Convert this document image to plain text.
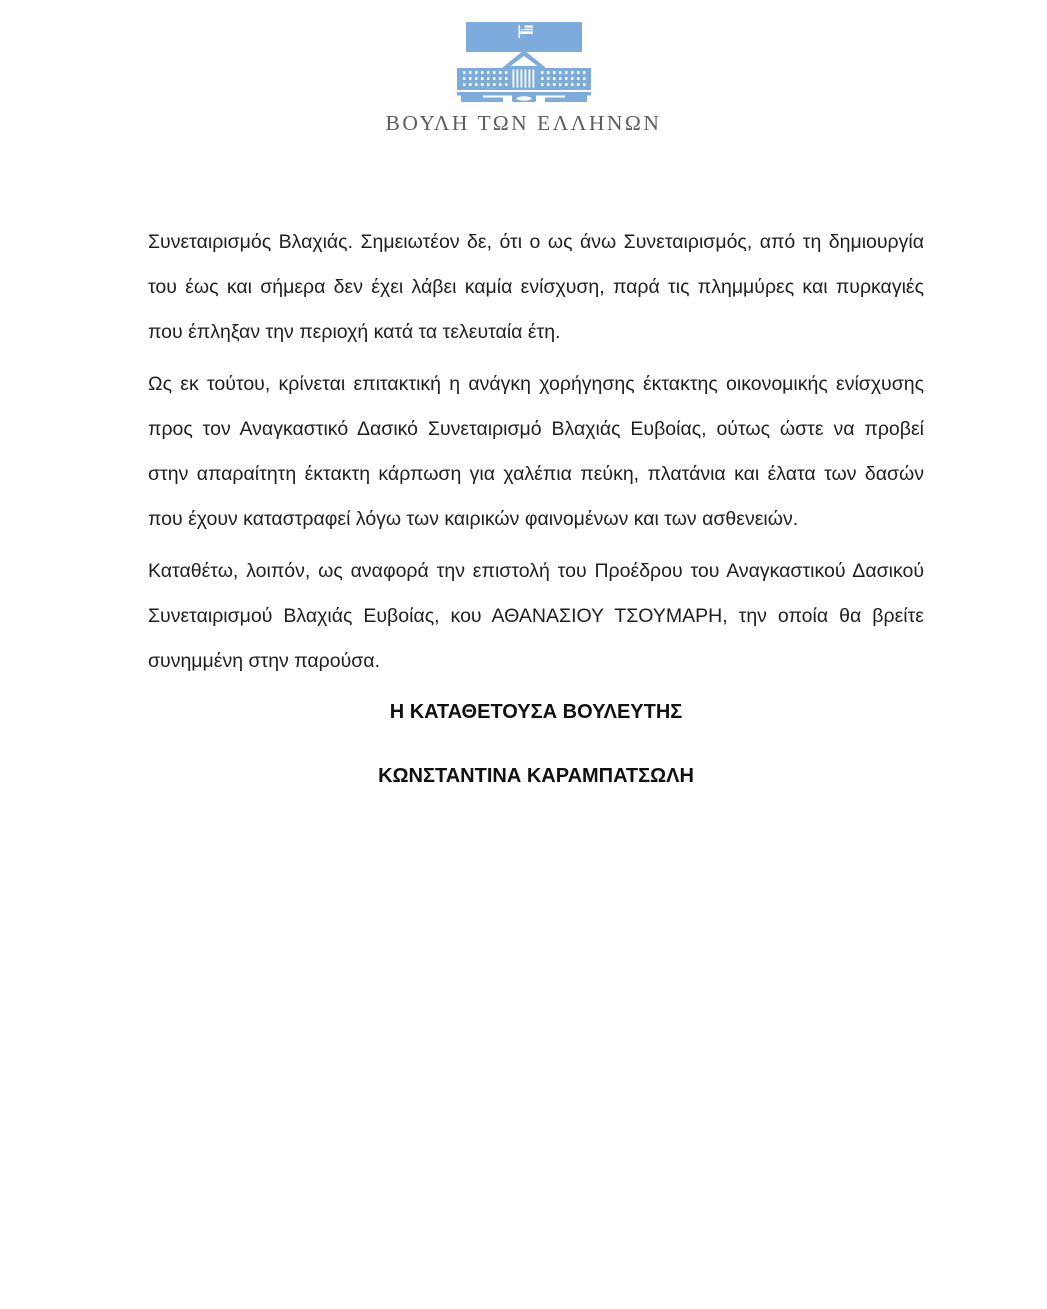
ΒΟΥΛΗ ΤΩΝ ΕΛΛΗΝΩΝ

Συνεταιρισμός Βλαχιάς. Σημειωτέον δε, ότι ο ως άνω Συνεταιρισμός, από τη δημιουργία του έως και σήμερα δεν έχει λάβει καμία ενίσχυση, παρά τις πλημμύρες και πυρκαγιές που έπληξαν την περιοχή κατά τα τελευταία έτη.

Ως εκ τούτου, κρίνεται επιτακτική η ανάγκη χορήγησης έκτακτης οικονομικής ενίσχυσης προς τον Αναγκαστικό Δασικό Συνεταιρισμό Βλαχιάς Ευβοίας, ούτως ώστε να προβεί στην απαραίτητη έκτακτη κάρπωση για χαλέπια πεύκη, πλατάνια και έλατα των δασών που έχουν καταστραφεί λόγω των καιρικών φαινομένων και των ασθενειών.

Καταθέτω, λοιπόν, ως αναφορά την επιστολή του Προέδρου του Αναγκαστικού Δασικού Συνεταιρισμού Βλαχιάς Ευβοίας, κου ΑΘΑΝΑΣΙΟΥ ΤΣΟΥΜΑΡΗ, την οποία θα βρείτε συνημμένη στην παρούσα.

Η ΚΑΤΑΘΕΤΟΥΣΑ ΒΟΥΛΕΥΤΗΣ
ΚΩΝΣΤΑΝΤΙΝΑ ΚΑΡΑΜΠΑΤΣΩΛΗ
